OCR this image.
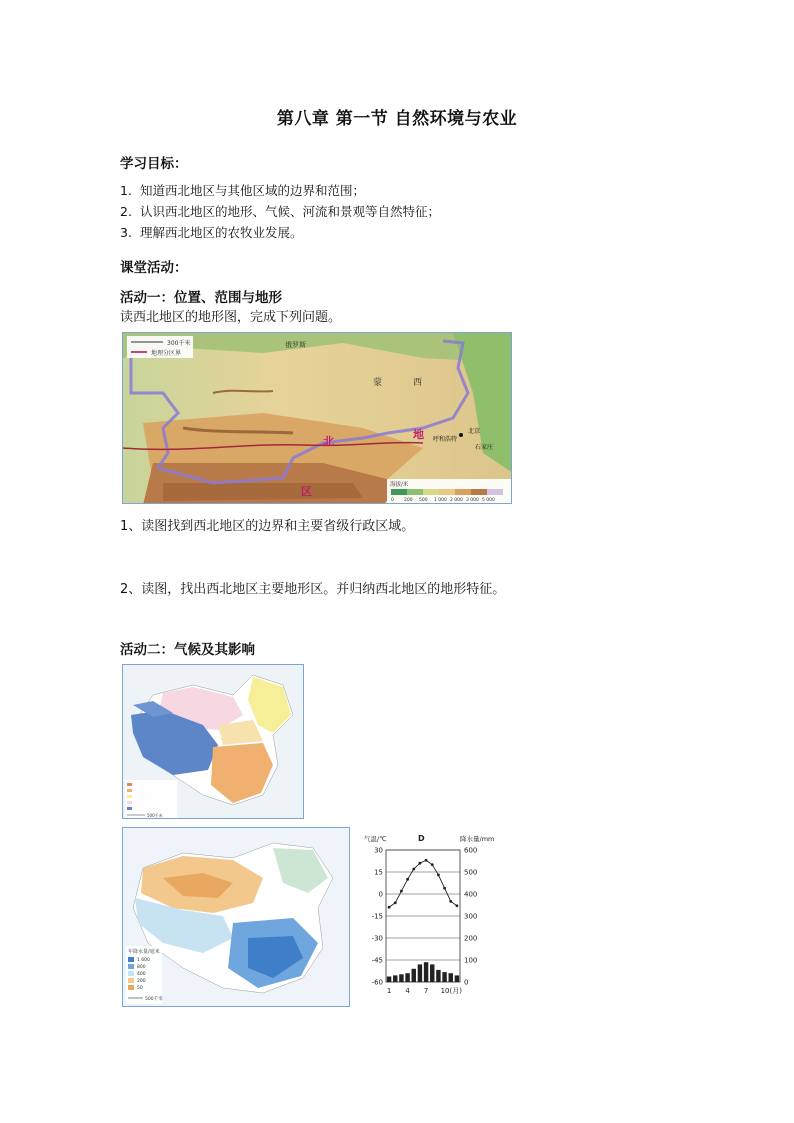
第八章 第一节 自然环境与农业
学习目标：
1. 知道西北地区与其他区域的边界和范围；
2. 认识西北地区的地形、气候、河流和景观等自然特征；
3. 理解西北地区的农牧业发展。
课堂活动：
活动一：位置、范围与地形
读西北地区的地形图，完成下列问题。
300千米
地理分区界
俄罗斯
蒙	西
北
地
区
呼和浩特
北京
石家庄
海拔/米
0 200 500 1 000 2 000 3 000 5 000
1、读图找到西北地区的边界和主要省级行政区域。
2、读图，找出西北地区主要地形区。并归纳西北地区的地形特征。
活动二：气候及其影响
500千米
年降水量/毫米
1 600
800
400
200
50
500千米
气温/℃	D	降水量/mm
30	600
15	500
0	400
-15	300
-30	200
-45	100
-60	0
1 4 7 10(月)
